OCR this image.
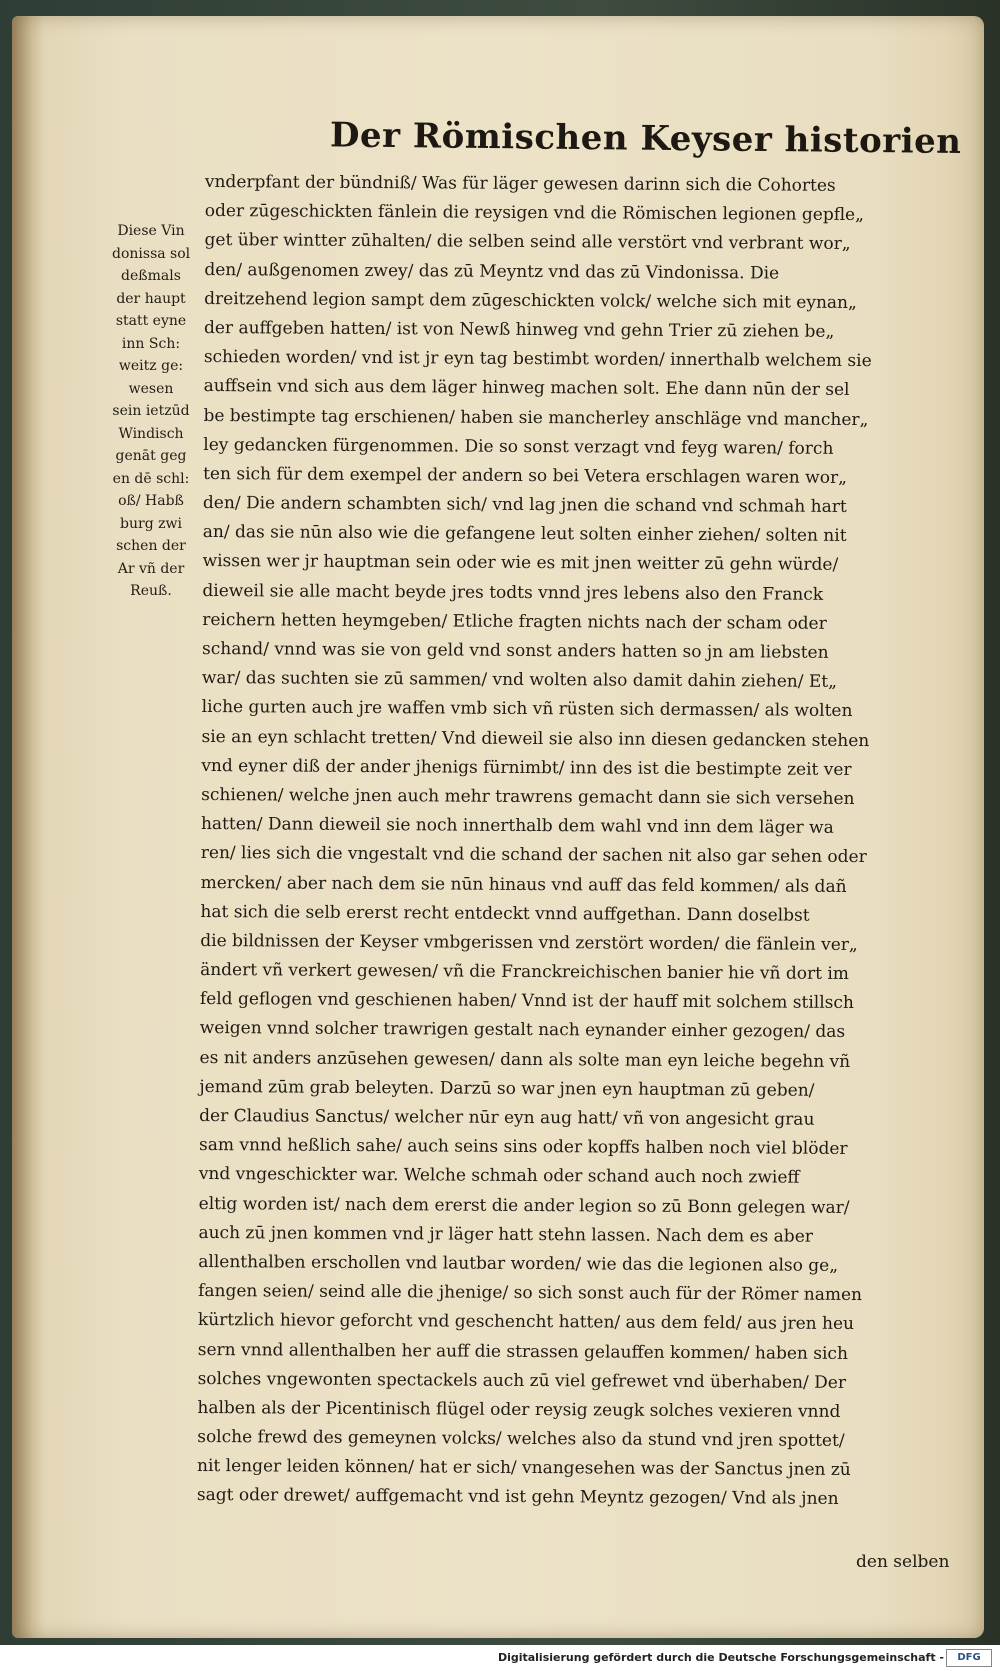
Der Römischen Keyser historien
Diese Vin
donissa sol
deßmals
der haupt
statt eyne
inn Sch:
weitz ge:
wesen
sein ietzūd
Windisch
genāt geg
en dē schl:
oß/ Habß
burg zwi
schen der
Ar vñ der
Reuß.
vnderpfant der bündniß/ Was für läger gewesen darinn sich die Cohortes
oder zūgeschickten fänlein die reysigen vnd die Römischen legionen gepfle„
get über wintter zūhalten/ die selben seind alle verstört vnd verbrant wor„
den/ außgenomen zwey/ das zū Meyntz vnd das zū Vindonissa. Die
dreitzehend legion sampt dem zūgeschickten volck/ welche sich mit eynan„
der auffgeben hatten/ ist von Newß hinweg vnd gehn Trier zū ziehen be„
schieden worden/ vnd ist jr eyn tag bestimbt worden/ innerthalb welchem sie
auffsein vnd sich aus dem läger hinweg machen solt. Ehe dann nūn der sel
be bestimpte tag erschienen/ haben sie mancherley anschläge vnd mancher„
ley gedancken fürgenommen. Die so sonst verzagt vnd feyg waren/ forch
ten sich für dem exempel der andern so bei Vetera erschlagen waren wor„
den/ Die andern schambten sich/ vnd lag jnen die schand vnd schmah hart
an/ das sie nūn also wie die gefangene leut solten einher ziehen/ solten nit
wissen wer jr hauptman sein oder wie es mit jnen weitter zū gehn würde/
dieweil sie alle macht beyde jres todts vnnd jres lebens also den Franck
reichern hetten heymgeben/ Etliche fragten nichts nach der scham oder
schand/ vnnd was sie von geld vnd sonst anders hatten so jn am liebsten
war/ das suchten sie zū sammen/ vnd wolten also damit dahin ziehen/ Et„
liche gurten auch jre waffen vmb sich vñ rüsten sich dermassen/ als wolten
sie an eyn schlacht tretten/ Vnd dieweil sie also inn diesen gedancken stehen
vnd eyner diß der ander jhenigs fürnimbt/ inn des ist die bestimpte zeit ver
schienen/ welche jnen auch mehr trawrens gemacht dann sie sich versehen
hatten/ Dann dieweil sie noch innerthalb dem wahl vnd inn dem läger wa
ren/ lies sich die vngestalt vnd die schand der sachen nit also gar sehen oder
mercken/ aber nach dem sie nūn hinaus vnd auff das feld kommen/ als dañ
hat sich die selb ererst recht entdeckt vnnd auffgethan. Dann doselbst
die bildnissen der Keyser vmbgerissen vnd zerstört worden/ die fänlein ver„
ändert vñ verkert gewesen/ vñ die Franckreichischen banier hie vñ dort im
feld geflogen vnd geschienen haben/ Vnnd ist der hauff mit solchem stillsch
weigen vnnd solcher trawrigen gestalt nach eynander einher gezogen/ das
es nit anders anzūsehen gewesen/ dann als solte man eyn leiche begehn vñ
jemand zūm grab beleyten. Darzū so war jnen eyn hauptman zū geben/
der Claudius Sanctus/ welcher nūr eyn aug hatt/ vñ von angesicht grau
sam vnnd heßlich sahe/ auch seins sins oder kopffs halben noch viel blöder
vnd vngeschickter war. Welche schmah oder schand auch noch zwieff
eltig worden ist/ nach dem ererst die ander legion so zū Bonn gelegen war/
auch zū jnen kommen vnd jr läger hatt stehn lassen. Nach dem es aber
allenthalben erschollen vnd lautbar worden/ wie das die legionen also ge„
fangen seien/ seind alle die jhenige/ so sich sonst auch für der Römer namen
kürtzlich hievor geforcht vnd geschencht hatten/ aus dem feld/ aus jren heu
sern vnnd allenthalben her auff die strassen gelauffen kommen/ haben sich
solches vngewonten spectackels auch zū viel gefrewet vnd überhaben/ Der
halben als der Picentinisch flügel oder reysig zeugk solches vexieren vnnd
solche frewd des gemeynen volcks/ welches also da stund vnd jren spottet/
nit lenger leiden können/ hat er sich/ vnangesehen was der Sanctus jnen zū
sagt oder drewet/ auffgemacht vnd ist gehn Meyntz gezogen/ Vnd als jnen
den selben
Digitalisierung gefördert durch die Deutsche Forschungsgemeinschaft -	DFG
